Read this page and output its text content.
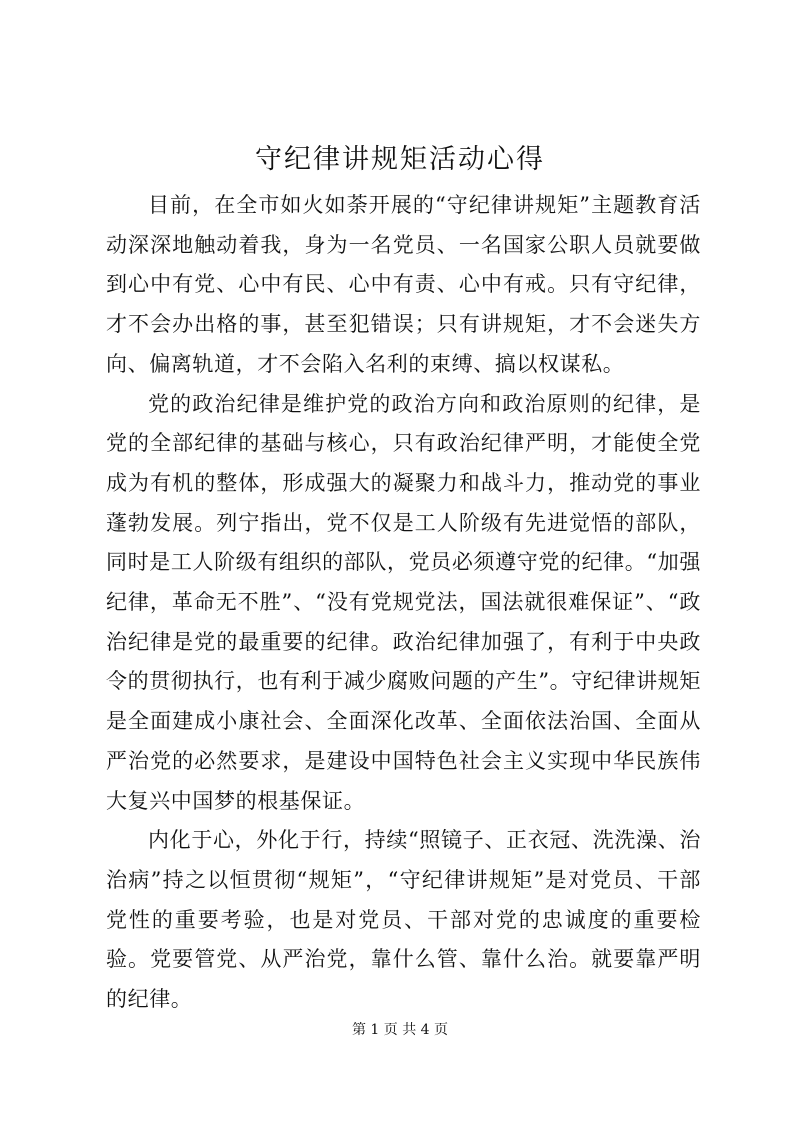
守纪律讲规矩活动心得

目前，在全市如火如荼开展的“守纪律讲规矩”主题教育活动深深地触动着我，身为一名党员、一名国家公职人员就要做到心中有党、心中有民、心中有责、心中有戒。只有守纪律，才不会办出格的事，甚至犯错误；只有讲规矩，才不会迷失方向、偏离轨道，才不会陷入名利的束缚、搞以权谋私。

党的政治纪律是维护党的政治方向和政治原则的纪律，是党的全部纪律的基础与核心，只有政治纪律严明，才能使全党成为有机的整体，形成强大的凝聚力和战斗力，推动党的事业蓬勃发展。列宁指出，党不仅是工人阶级有先进觉悟的部队，同时是工人阶级有组织的部队，党员必须遵守党的纪律。“加强纪律，革命无不胜”、“没有党规党法，国法就很难保证”、“政治纪律是党的最重要的纪律。政治纪律加强了，有利于中央政令的贯彻执行，也有利于减少腐败问题的产生”。守纪律讲规矩是全面建成小康社会、全面深化改革、全面依法治国、全面从严治党的必然要求，是建设中国特色社会主义实现中华民族伟大复兴中国梦的根基保证。

内化于心，外化于行，持续“照镜子、正衣冠、洗洗澡、治治病”持之以恒贯彻“规矩”，“守纪律讲规矩”是对党员、干部党性的重要考验，也是对党员、干部对党的忠诚度的重要检验。党要管党、从严治党，靠什么管、靠什么治。就要靠严明的纪律。

第 1 页 共 4 页
